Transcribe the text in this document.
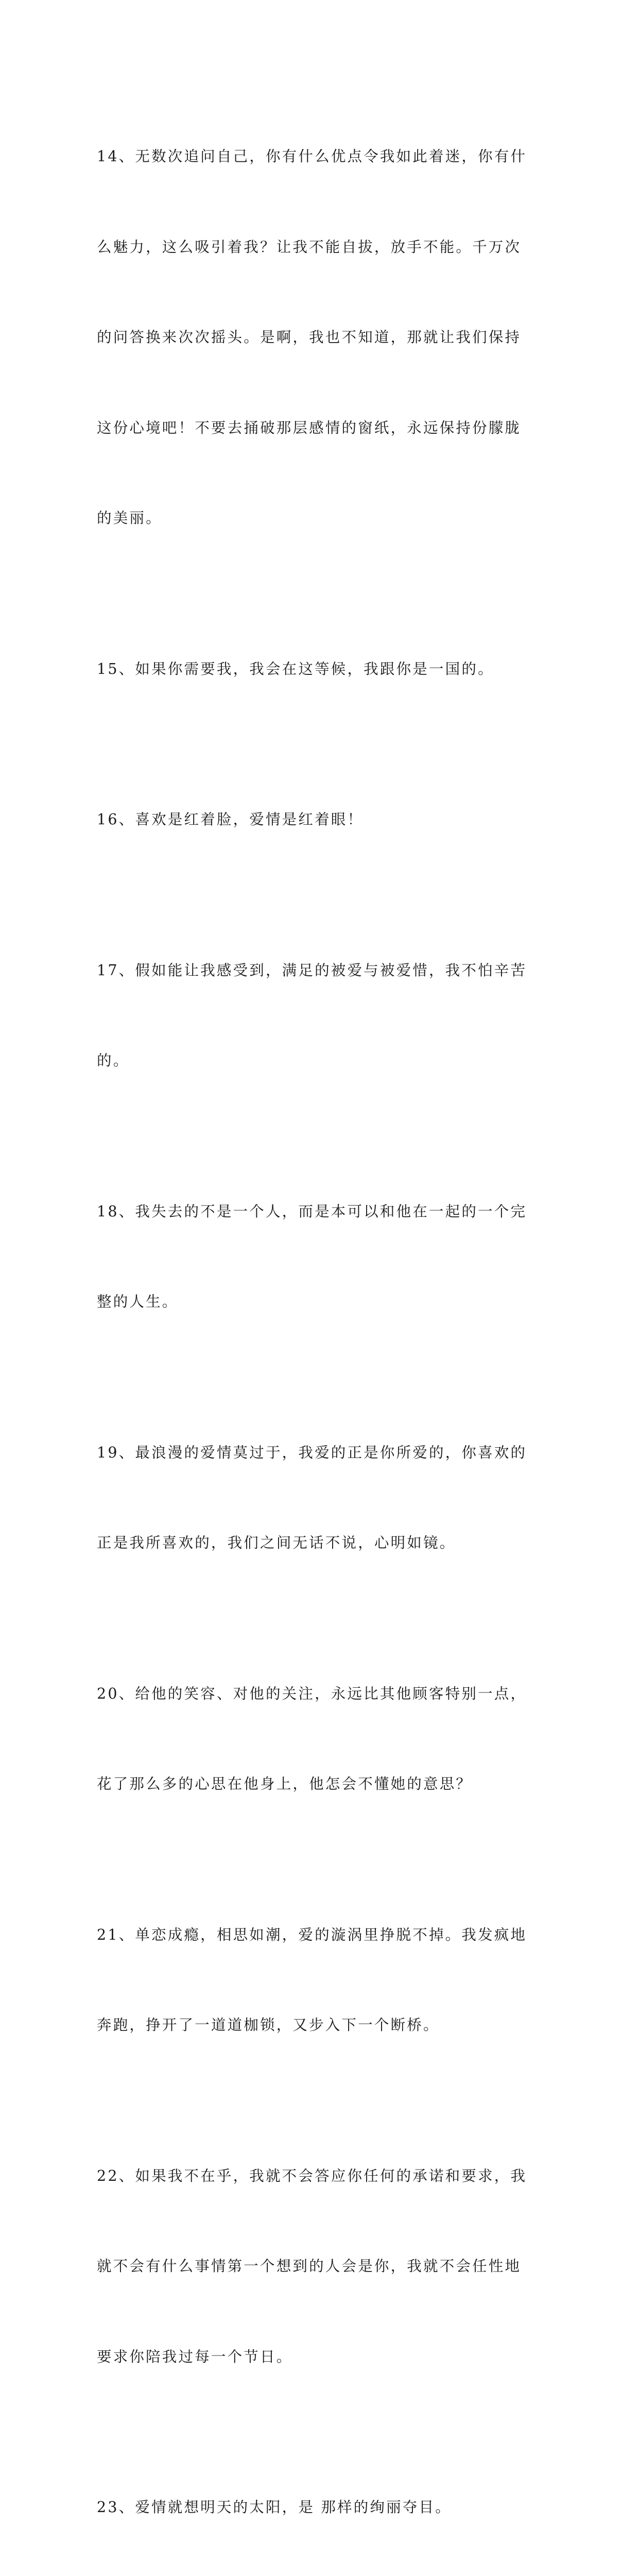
14、无数次追问自己，你有什么优点令我如此着迷，你有什

么魅力，这么吸引着我？让我不能自拔，放手不能。千万次

的问答换来次次摇头。是啊，我也不知道，那就让我们保持

这份心境吧！不要去捅破那层感情的窗纸，永远保持份朦胧

的美丽。

15、如果你需要我，我会在这等候，我跟你是一国的。

16、喜欢是红着脸，爱情是红着眼！

17、假如能让我感受到，满足的被爱与被爱惜，我不怕辛苦

的。

18、我失去的不是一个人，而是本可以和他在一起的一个完

整的人生。

19、最浪漫的爱情莫过于，我爱的正是你所爱的，你喜欢的

正是我所喜欢的，我们之间无话不说，心明如镜。

20、给他的笑容、对他的关注，永远比其他顾客特别一点，

花了那么多的心思在他身上，他怎会不懂她的意思？

21、单恋成瘾，相思如潮，爱的漩涡里挣脱不掉。我发疯地

奔跑，挣开了一道道枷锁，又步入下一个断桥。

22、如果我不在乎，我就不会答应你任何的承诺和要求，我

就不会有什么事情第一个想到的人会是你，我就不会任性地

要求你陪我过每一个节日。

23、爱情就想明天的太阳，是 那样的绚丽夺目。
